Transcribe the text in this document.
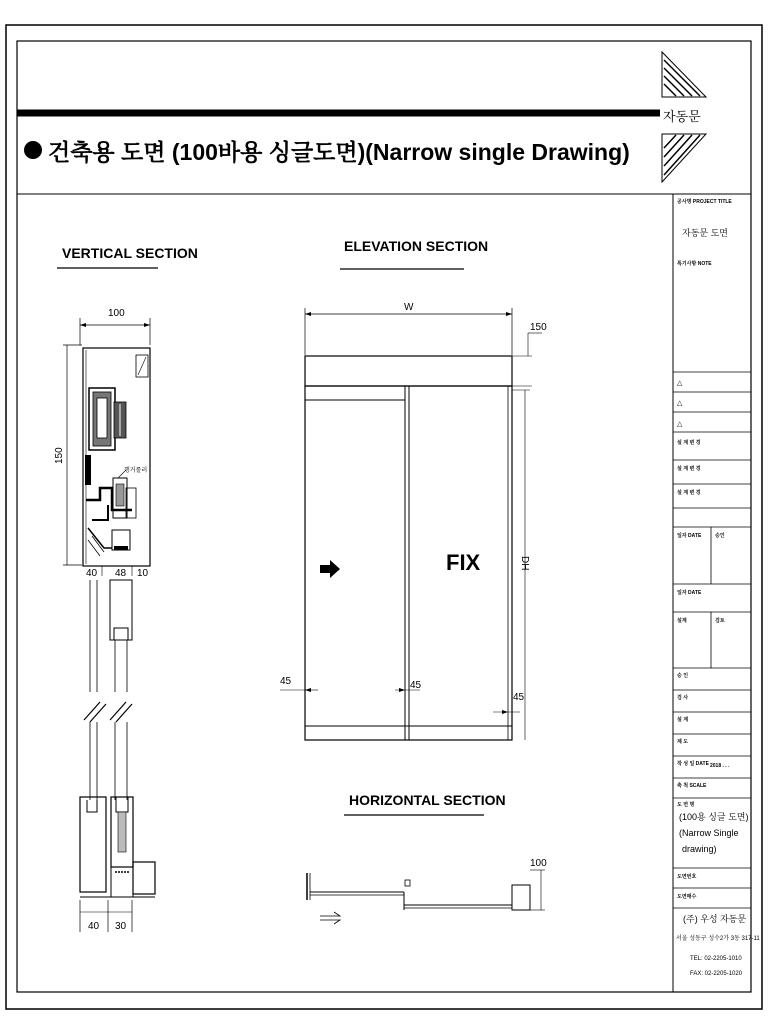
건축용 도면 (100바용 싱글도면)(Narrow single Drawing)
자동문
VERTICAL SECTION
100
150
행거롤러
40 48 10
40 30
ELEVATION SECTION
W
150
FIX	DH
45	45
45
HORIZONTAL SECTION
100
공사명 PROJECT TITLE
자동문 도면
특기사항 NOTE
△
△
△
설 계 변 경
설 계 변 경
설 계 변 경
일자 DATE	승인
일자 DATE
설계	검토
승 인
검 사
설 계
제 도
작 성 일 DATE 2018 . . .
축 척 SCALE
도 면 명
(100용 싱글 도면)
(Narrow Single
drawing)
도면번호
도면매수
(주) 우성 자동문
서울 성동구 성수2가 3동 317-11
TEL: 02-2205-1010
FAX: 02-2205-1020
